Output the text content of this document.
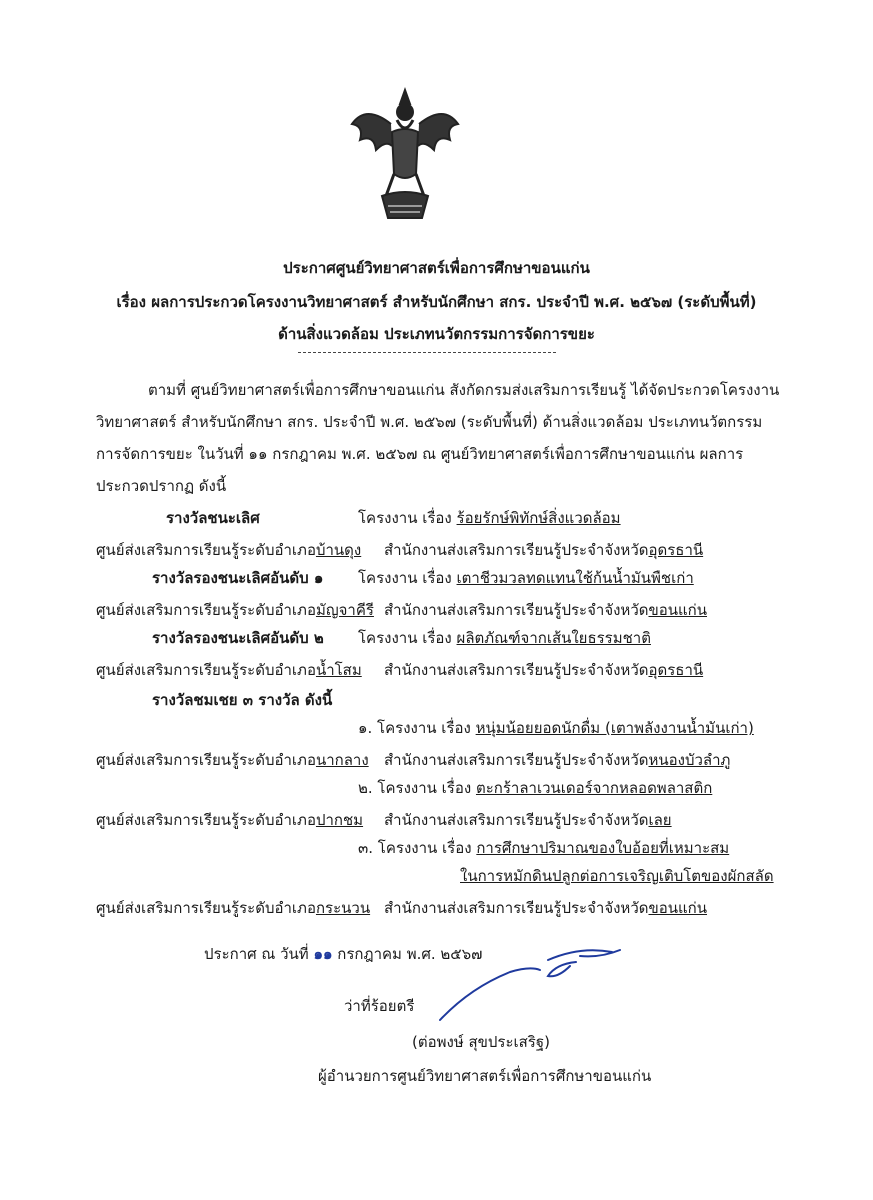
ประกาศศูนย์วิทยาศาสตร์เพื่อการศึกษาขอนแก่น
เรื่อง ผลการประกวดโครงงานวิทยาศาสตร์ สำหรับนักศึกษา สกร. ประจำปี พ.ศ. ๒๕๖๗ (ระดับพื้นที่)
ด้านสิ่งแวดล้อม ประเภทนวัตกรรมการจัดการขยะ
ตามที่ ศูนย์วิทยาศาสตร์เพื่อการศึกษาขอนแก่น สังกัดกรมส่งเสริมการเรียนรู้ ได้จัดประกวดโครงงาน
วิทยาศาสตร์ สำหรับนักศึกษา สกร. ประจำปี พ.ศ. ๒๕๖๗ (ระดับพื้นที่) ด้านสิ่งแวดล้อม ประเภทนวัตกรรม
การจัดการขยะ ในวันที่ ๑๑ กรกฎาคม พ.ศ. ๒๕๖๗ ณ ศูนย์วิทยาศาสตร์เพื่อการศึกษาขอนแก่น ผลการ
ประกวดปรากฏ ดังนี้
รางวัลชนะเลิศ	โครงงาน เรื่อง ร้อยรักษ์พิทักษ์สิ่งแวดล้อม
ศูนย์ส่งเสริมการเรียนรู้ระดับอำเภอบ้านดุง สำนักงานส่งเสริมการเรียนรู้ประจำจังหวัดอุดรธานี
รางวัลรองชนะเลิศอันดับ ๑ โครงงาน เรื่อง เตาชีวมวลทดแทนใช้ก้นน้ำมันพืชเก่า
ศูนย์ส่งเสริมการเรียนรู้ระดับอำเภอมัญจาคีรี สำนักงานส่งเสริมการเรียนรู้ประจำจังหวัดขอนแก่น
รางวัลรองชนะเลิศอันดับ ๒ โครงงาน เรื่อง ผลิตภัณฑ์จากเส้นใยธรรมชาติ
ศูนย์ส่งเสริมการเรียนรู้ระดับอำเภอน้ำโสม สำนักงานส่งเสริมการเรียนรู้ประจำจังหวัดอุดรธานี
รางวัลชมเชย ๓ รางวัล ดังนี้
๑. โครงงาน เรื่อง หนุ่มน้อยยอดนักดื่ม (เตาพลังงานน้ำมันเก่า)
ศูนย์ส่งเสริมการเรียนรู้ระดับอำเภอนากลาง สำนักงานส่งเสริมการเรียนรู้ประจำจังหวัดหนองบัวลำภู
๒. โครงงาน เรื่อง ตะกร้าลาเวนเดอร์จากหลอดพลาสติก
ศูนย์ส่งเสริมการเรียนรู้ระดับอำเภอปากชม สำนักงานส่งเสริมการเรียนรู้ประจำจังหวัดเลย
๓. โครงงาน เรื่อง การศึกษาปริมาณของใบอ้อยที่เหมาะสม
ในการหมักดินปลูกต่อการเจริญเติบโตของผักสลัด
ศูนย์ส่งเสริมการเรียนรู้ระดับอำเภอกระนวน สำนักงานส่งเสริมการเรียนรู้ประจำจังหวัดขอนแก่น
ประกาศ ณ วันที่ ๑๑ กรกฎาคม พ.ศ. ๒๕๖๗
ว่าที่ร้อยตรี
(ต่อพงษ์ สุขประเสริฐ)
ผู้อำนวยการศูนย์วิทยาศาสตร์เพื่อการศึกษาขอนแก่น
